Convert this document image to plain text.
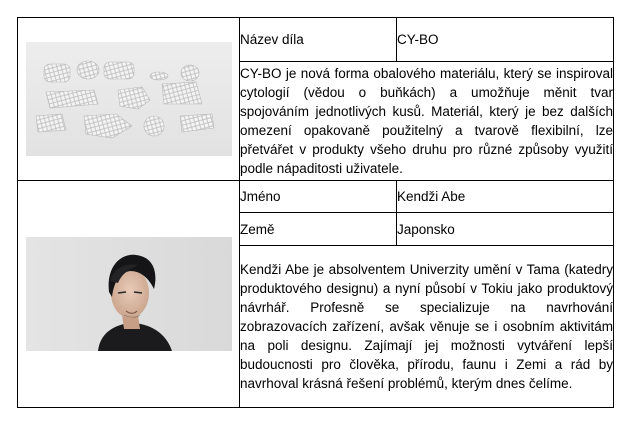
	Název díla	CY-BO
	CY-BO je nová forma obalového materiálu, který se inspiroval cytologií (vědou o buňkách) a umožňuje měnit tvar spojováním jednotlivých kusů. Materiál, který je bez dalších omezení opakovaně použitelný a tvarově flexibilní, lze přetvářet v produkty všeho druhu pro různé způsoby využití podle nápaditosti uživatele.	

	Jméno	Kendži Abe
	Země	Japonsko
	Kendži Abe je absolventem Univerzity umění v Tama (katedry produktového designu) a nyní působí v Tokiu jako produktový návrhář. Profesně se specializuje na navrhování zobrazovacích zařízení, avšak věnuje se i osobním aktivitám na poli designu. Zajímají jej možnosti vytváření lepší budoucnosti pro člověka, přírodu, faunu i Zemi a rád by navrhoval krásná řešení problémů, kterým dnes čelíme.	
